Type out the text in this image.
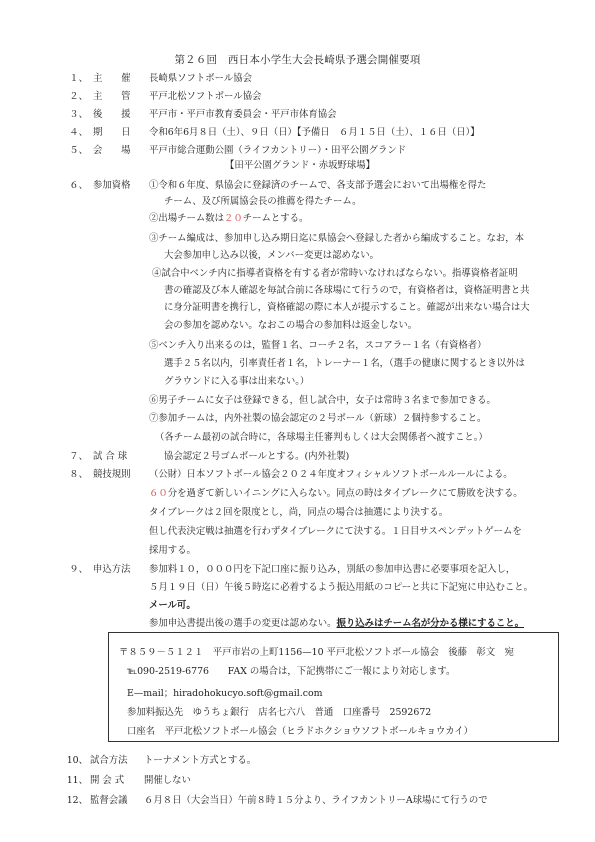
第２６回　西日本小学生大会長崎県予選会開催要項
１、 主　　催 長崎県ソフトボール協会
２、 主　　管 平戸北松ソフトボール協会
３、 後　　援 平戸市・平戸市教育委員会・平戸市体育協会
４、 期　　日 令和6年6月８日（土）、９日（日）【予備日　６月１５日（土）、１６日（日）】
５、 会　　場 平戸市総合運動公園（ライフカントリー）・田平公園グランド
６、 参加資格
７、 試 合 球
８、 競技規則
９、 申込方法
10、 試合方法 トーナメント方式とする。
11、 開 会 式 開催しない
12、 監督会議 ６月８日（大会当日）午前８時１５分より、ライフカントリーA球場にて行うので
【田平公園グランド・赤坂野球場】
①令和６年度、県協会に登録済のチームで、各支部予選会において出場権を得た
チーム、及び所属協会長の推薦を得たチーム。
②出場チーム数は２０チームとする。
③チーム編成は、参加申し込み期日迄に県協会へ登録した者から編成すること。なお，本
大会参加申し込み以後，メンバー変更は認めない。
④試合中ベンチ内に指導者資格を有する者が常時いなければならない。指導資格者証明
書の確認及び本人確認を毎試合前に各球場にて行うので，有資格者は，資格証明書と共
に身分証明書を携行し，資格確認の際に本人が提示すること。確認が出来ない場合は大
会の参加を認めない。なおこの場合の参加料は返金しない。
⑤ベンチ入り出来るのは，監督１名、コーチ２名，スコアラー１名（有資格者）
選手２５名以内，引率責任者１名，トレーナー１名，（選手の健康に関するとき以外は
グラウンドに入る事は出来ない。）
⑥男子チームに女子は登録できる，但し試合中，女子は常時３名まで参加できる。
⑦参加チームは，内外社製の協会認定の２号ボール（新球）２個持参すること。
（各チーム最初の試合時に，各球場主任審判もしくは大会関係者へ渡すこと。）
協会認定２号ゴムボールとする。(内外社製)
（公財）日本ソフトボール協会２０２４年度オフィシャルソフトボールルールによる。
６０分を過ぎて新しいイニングに入らない。同点の時はタイブレークにて勝敗を決する。
タイブレークは２回を限度とし，尚，同点の場合は抽選により決する。
但し代表決定戦は抽選を行わずタイブレークにて決する。１日目サスペンデットゲームを
採用する。
参加料１０，０００円を下記口座に振り込み，別紙の参加申込書に必要事項を記入し，
５月１９日（日）午後５時迄に必着するよう振込用紙のコピーと共に下記宛に申込むこと。
メール可。
参加申込書提出後の選手の変更は認めない。振り込みはチーム名が分かる様にすること。
〒８５９－５１２１　平戸市岩の上町1156—10 平戸北松ソフトボール協会　後藤　彰文　宛
℡090-2519-6776　　FAX の場合は，下記携帯にご一報により対応します。
E—mail；hiradohokucyo.soft@gmail.com
参加料振込先　ゆうちょ銀行　店名七六八　普通　口座番号　2592672
口座名　平戸北松ソフトボール協会（ヒラドホクショウソフトボールキョウカイ）
